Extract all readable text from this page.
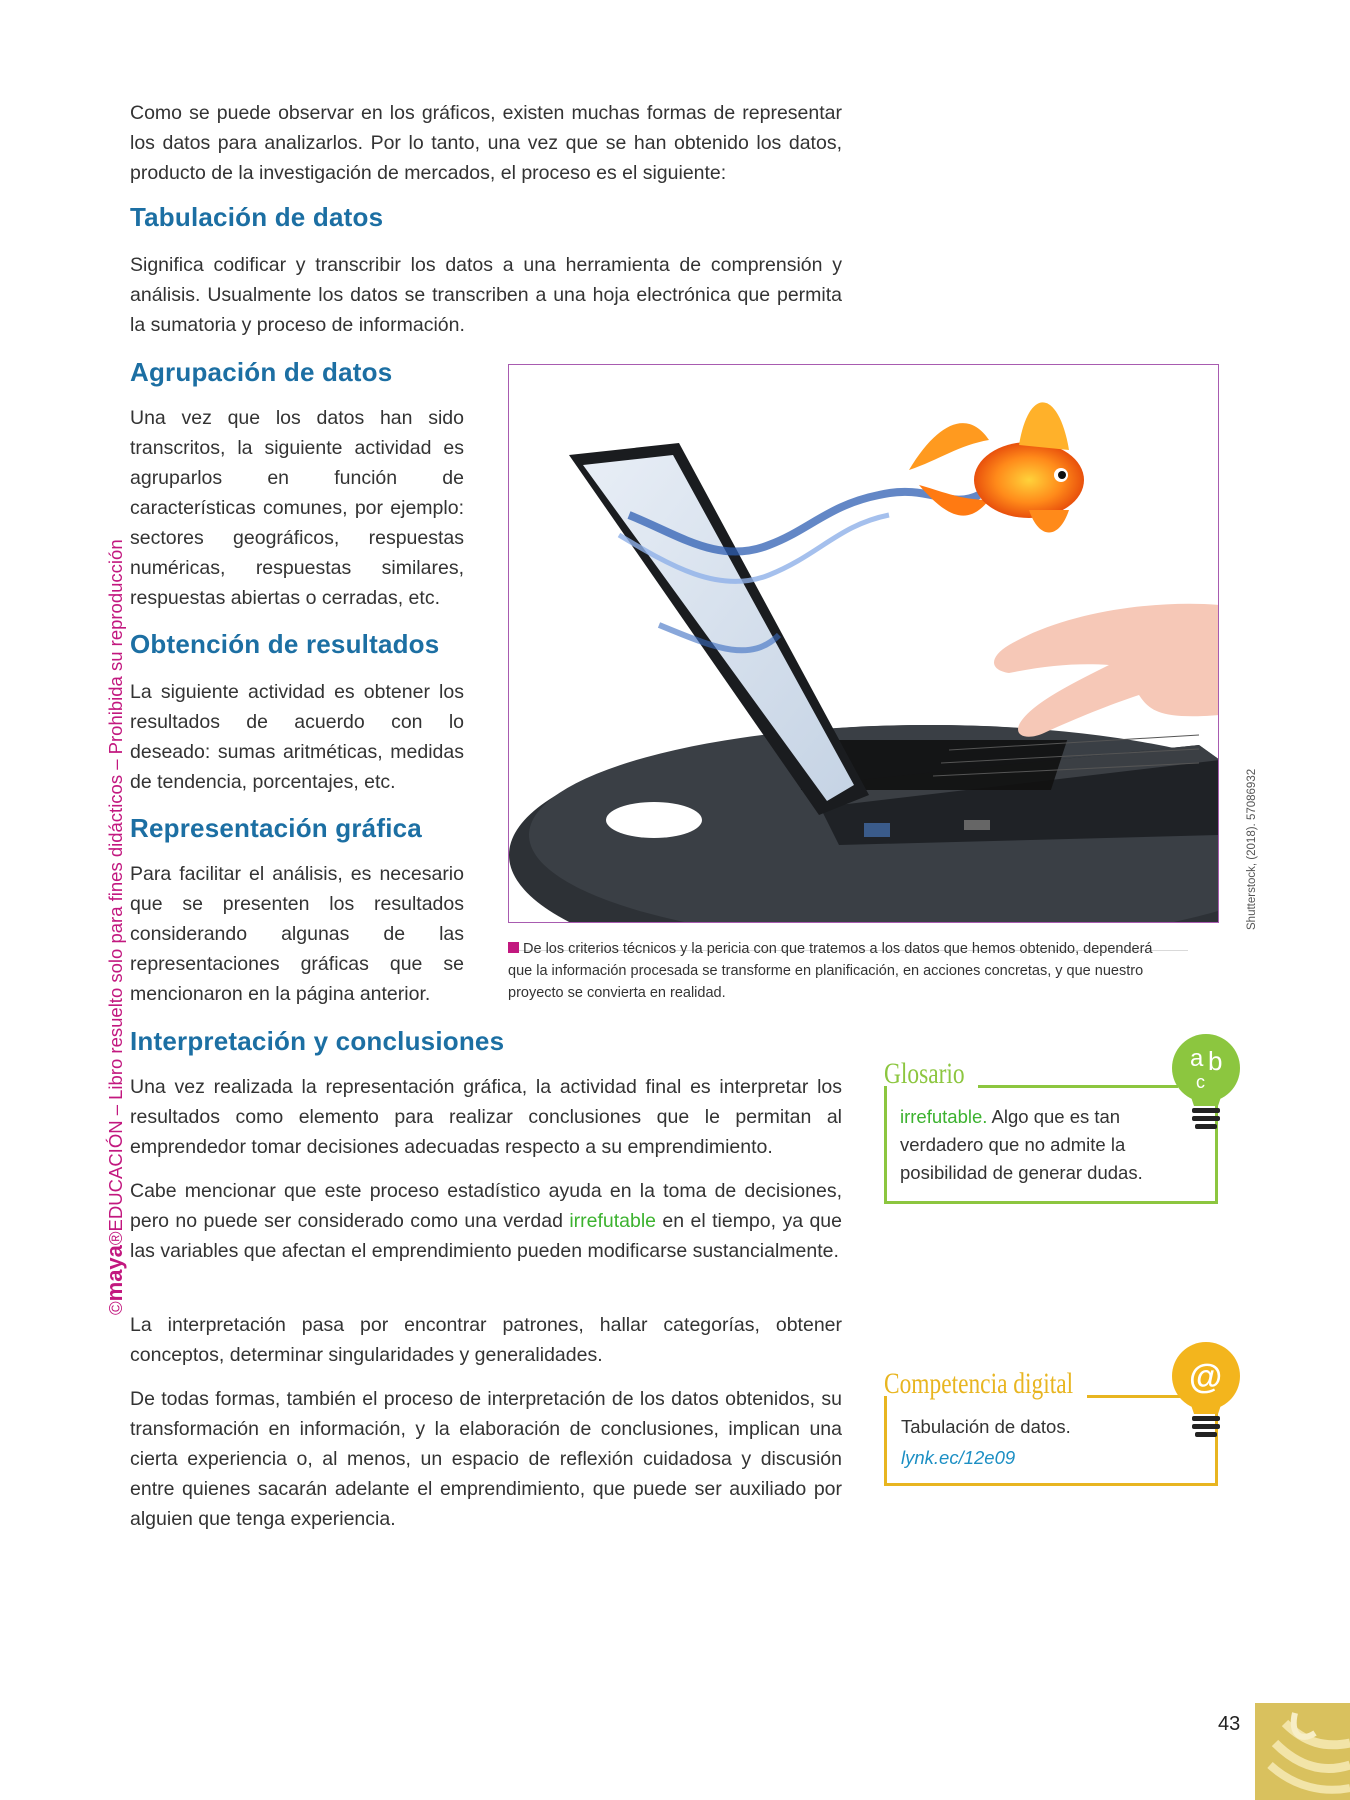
©maya®EDUCACIÓN – Libro resuelto solo para fines didácticos – Prohibida su reproducción

Como se puede observar en los gráficos, existen muchas formas de representar los datos para analizarlos. Por lo tanto, una vez que se han obtenido los datos, producto de la investigación de mercados, el proceso es el siguiente:

Tabulación de datos

Significa codificar y transcribir los datos a una herramienta de comprensión y análisis. Usualmente los datos se transcriben a una hoja electrónica que permita la sumatoria y proceso de información.

Agrupación de datos

Una vez que los datos han sido transcritos, la siguiente actividad es agruparlos en función de características comunes, por ejemplo: sectores geográficos, respuestas numéricas, respuestas similares, respuestas abiertas o cerradas, etc.

Obtención de resultados

La siguiente actividad es obtener los resultados de acuerdo con lo deseado: sumas aritméticas, medidas de tendencia, porcentajes, etc.

Representación gráfica

Para facilitar el análisis, es necesario que se presenten los resultados considerando algunas de las representaciones gráficas que se mencionaron en la página anterior.

De los criterios técnicos y la pericia con que tratemos a los datos que hemos obtenido, dependerá que la información procesada se transforme en planificación, en acciones concretas, y que nuestro proyecto se convierta en realidad.

Shutterstock, (2018). 57086932
Interpretación y conclusiones

Una vez realizada la representación gráfica, la actividad final es interpretar los resultados como elemento para realizar conclusiones que le permitan al emprendedor tomar decisiones adecuadas respecto a su emprendimiento.

Cabe mencionar que este proceso estadístico ayuda en la toma de decisiones, pero no puede ser considerado como una verdad irrefutable en el tiempo, ya que las variables que afectan el emprendimiento pueden modificarse sustancialmente.

La interpretación pasa por encontrar patrones, hallar categorías, obtener conceptos, determinar singularidades y generalidades.

De todas formas, también el proceso de interpretación de los datos obtenidos, su transformación en información, y la elaboración de conclusiones, implican una cierta experiencia o, al menos, un espacio de reflexión cuidadosa y discusión entre quienes sacarán adelante el emprendimiento, que puede ser auxiliado por alguien que tenga experiencia.

Glosario	a b
c

irrefutable. Algo que es tan verdadero que no admite la posibilidad de generar dudas.

Competencia digital	@

Tabulación de datos.

lynk.ec/12e09

43
